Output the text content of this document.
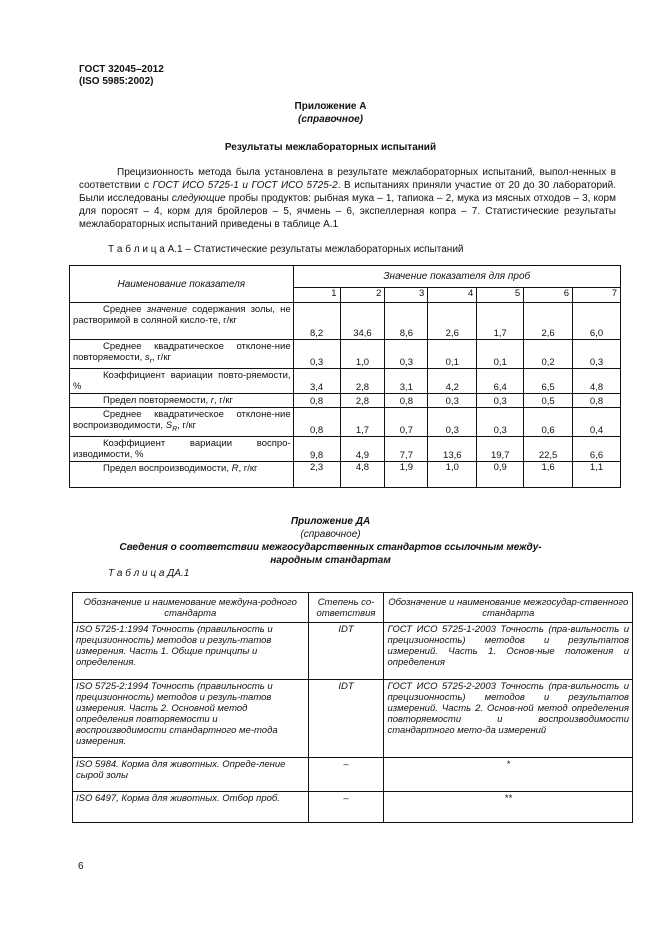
ГОСТ 32045–2012
(ISO 5985:2002)
Приложение А
(справочное)
Результаты межлабораторных испытаний

Прецизионность метода была установлена в результате межлабораторных испытаний, выпол-ненных в соответствии с ГОСТ ИСО 5725-1 и ГОСТ ИСО 5725-2. В испытаниях приняли участие от 20 до 30 лабораторий. Были исследованы следующие пробы продуктов: рыбная мука – 1, тапиока – 2, мука из мясных отходов – 3, корм для поросят – 4, корм для бройлеров – 5, ячмень – 6, экспеллерная копра – 7. Статистические результаты межлабораторных испытаний приведены в таблице А.1

Т а б л и ц а А.1 – Статистические результаты межлабораторных испытаний
Наименование показателя	Значение показателя для проб						
	1	2	3	4	5	6	7

Среднее значение содержания золы, не растворимой в соляной кисло-те, г/кг	8,2	34,6	8,6	2,6	1,7	2,6	6,0

Среднее квадратическое отклоне-ние повторяемости, $s_r$, г/кг	0,3	1,0	0,3	0,1	0,1	0,2	0,3

Коэффициент вариации повто-ряемости, %	3,4	2,8	3,1	4,2	6,4	6,5	4,8

Предел повторяемости, r, г/кг	0,8	2,8	0,8	0,3	0,3	0,5	0,8

Среднее квадратическое отклоне-ние воспроизводимости, $S_R$, г/кг	0,8	1,7	0,7	0,3	0,3	0,6	0,4

Коэффициент вариации воспро-изводимости, %	9,8	4,9	7,7	13,6	19,7	22,5	6,6

Предел воспроизводимости, R, г/кг	2,3	4,8	1,9	1,0	0,9	1,6	1,1
Приложение ДА
(справочное)
Сведения о соответствии межгосударственных стандартов ссылочным между-
народным стандартам
Т а б л и ц а ДА.1
Обозначение и наименование междуна-родного стандарта	Степень со-ответствия	Обозначение и наименование межгосудар-ственного стандарта
ISO 5725-1:1994 Точность (правильность и прецизионность) методов и резуль-татов измерения. Часть 1. Общие принципы и определения.	IDT	ГОСТ ИСО 5725-1-2003 Точность (пра-вильность и прецизионность) методов и результатов измерений. Часть 1. Основ-ные положения и определения
ISO 5725-2:1994 Точность (правильность и прецизионность) методов и резуль-татов измерения. Часть 2. Основной метод определения повторяемости и воспроизводимости стандартного ме-тода измерения.	IDT	ГОСТ ИСО 5725-2-2003 Точность (пра-вильность и прецизионность) методов и результатов измерений. Часть 2. Основ-ной метод определения повторяемости и воспроизводимости стандартного мето-да измерений
ISO 5984. Корма для животных. Опреде-ление сырой золы	–	*
ISO 6497, Корма для животных. Отбор проб.	–	**
6
